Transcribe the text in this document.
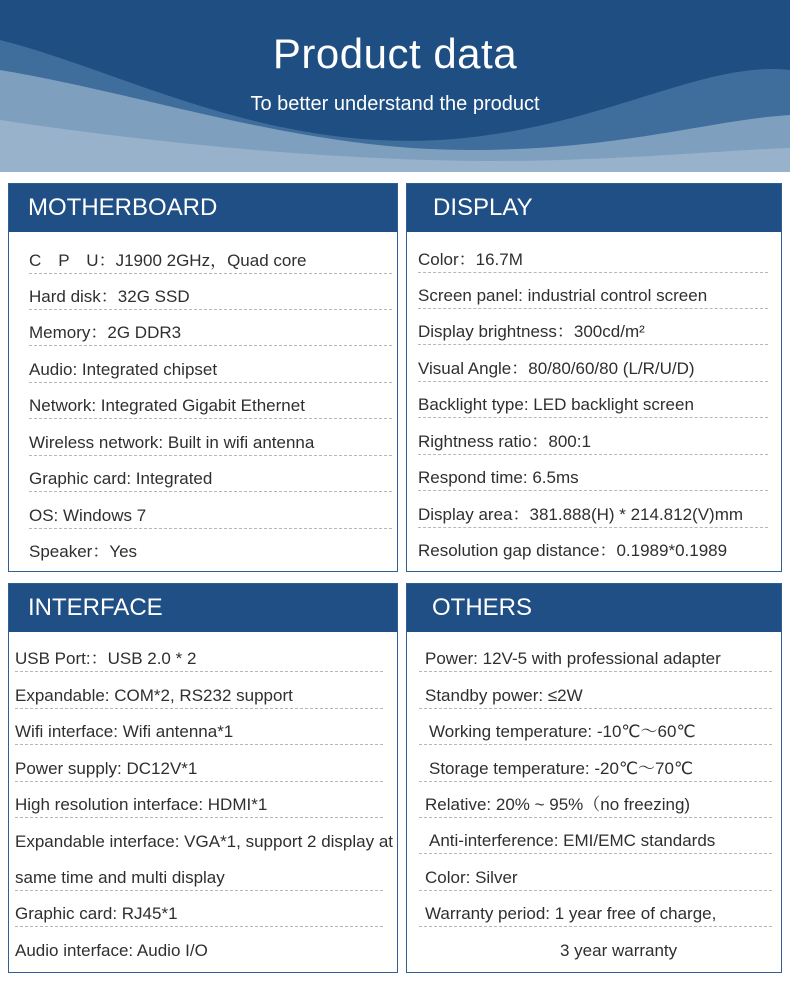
Product data
To better understand the product
MOTHERBOARD
C　P　U：J1900 2GHz，Quad core
Hard disk：32G SSD
Memory：2G DDR3
Audio: Integrated chipset
Network: Integrated Gigabit Ethernet
Wireless network: Built in wifi antenna
Graphic card: Integrated
OS: Windows 7
Speaker：Yes
DISPLAY
Color：16.7M
Screen panel: industrial control screen
Display brightness：300cd/m²
Visual Angle：80/80/60/80 (L/R/U/D)
Backlight type: LED backlight screen
Rightness ratio：800:1
Respond time: 6.5ms
Display area：381.888(H) * 214.812(V)mm
Resolution gap distance：0.1989*0.1989
INTERFACE
USB Port:：USB 2.0 * 2
Expandable: COM*2, RS232 support
Wifi interface: Wifi antenna*1
Power supply: DC12V*1
High resolution interface: HDMI*1
Expandable interface: VGA*1, support 2 display at
same time and multi display
Graphic card: RJ45*1
Audio interface: Audio I/O
OTHERS
Power: 12V-5 with professional adapter
Standby power: ≤2W
Working temperature: -10℃～60℃
Storage temperature: -20℃～70℃
Relative: 20% ~ 95%（no freezing)
Anti-interference: EMI/EMC standards
Color: Silver
Warranty period: 1 year free of charge,
3 year warranty
